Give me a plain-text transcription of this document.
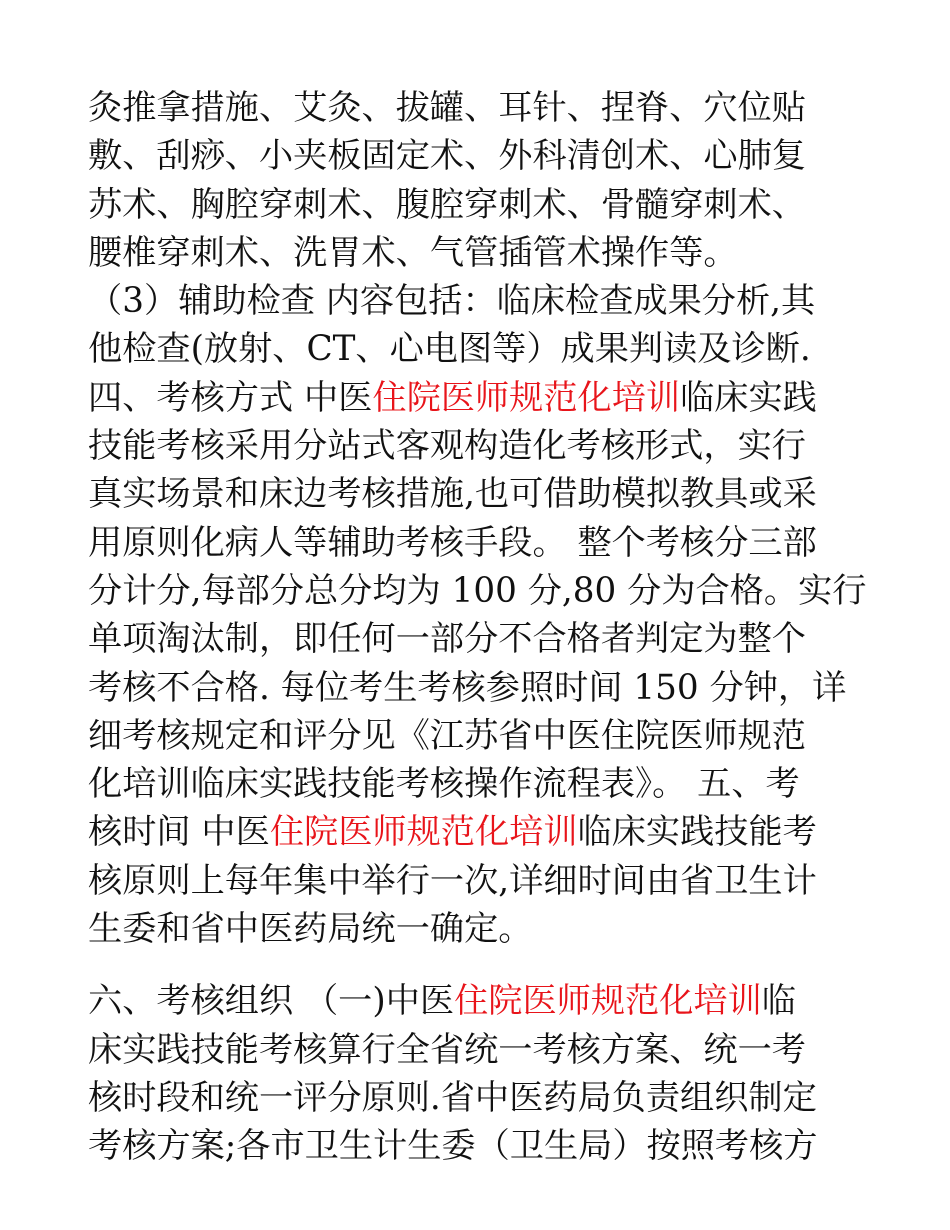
灸推拿措施、艾灸、拔罐、耳针、捏脊、穴位贴
敷、刮痧、小夹板固定术、外科清创术、心肺复
苏术、胸腔穿刺术、腹腔穿刺术、骨髓穿刺术、
腰椎穿刺术、洗胃术、气管插管术操作等。
（3）辅助检查 内容包括：临床检查成果分析,其
他检查(放射、CT、心电图等）成果判读及诊断.
四、考核方式 中医住院医师规范化培训临床实践
技能考核采用分站式客观构造化考核形式，实行
真实场景和床边考核措施,也可借助模拟教具或采
用原则化病人等辅助考核手段。 整个考核分三部
分计分,每部分总分均为 100 分,80 分为合格。实行
单项淘汰制，即任何一部分不合格者判定为整个
考核不合格. 每位考生考核参照时间 150 分钟，详
细考核规定和评分见《江苏省中医住院医师规范
化培训临床实践技能考核操作流程表》。 五、考
核时间 中医住院医师规范化培训临床实践技能考
核原则上每年集中举行一次,详细时间由省卫生计
生委和省中医药局统一确定。
六、考核组织 （一)中医住院医师规范化培训临
床实践技能考核算行全省统一考核方案、统一考
核时段和统一评分原则.省中医药局负责组织制定
考核方案;各市卫生计生委（卫生局）按照考核方
